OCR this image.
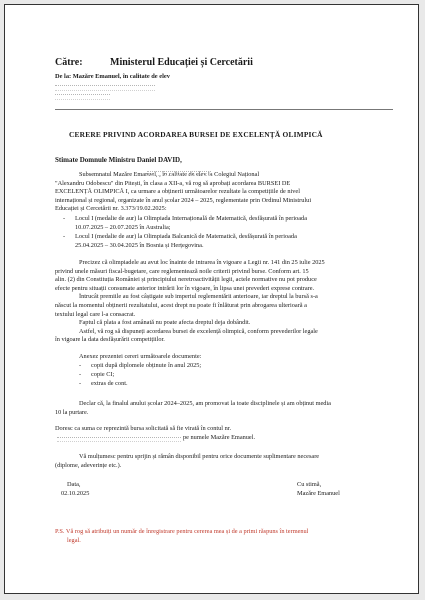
Către:	Ministerul Educației și Cercetării
De la: Mazăre Emanuel, în calitate de elev
CERERE PRIVIND ACORDAREA BURSEI DE EXCELENȚĂ OLIMPICĂ
Stimate Domnule Ministru Daniel DAVID,
Subsemnatul Mazăre Emanuel, , în calitate de elev la Colegiul Național
"Alexandru Odobescu" din Pitești, în clasa a XII-a, vă rog să aprobați acordarea BURSEI DE
EXCELENȚĂ OLIMPICĂ I, ca urmare a obținerii următoarelor rezultate la competițiile de nivel
internațional și regional, organizate în anul școlar 2024 – 2025, reglementate prin Ordinul Ministrului
Educației și Cercetării nr. 3.373/19.02.2025:
- Locul I (medalie de aur) la Olimpiada Internațională de Matematică, desfășurată în perioada
10.07.2025 – 20.07.2025 în Australia;
- Locul I (medalie de aur) la Olimpiada Balcanică de Matematică, desfășurată în perioada
25.04.2025 – 30.04.2025 în Bosnia și Herțegovina.
Precizez că olimpiadele au avut loc înainte de intrarea în vigoare a Legii nr. 141 din 25 iulie 2025
privind unele măsuri fiscal-bugetare, care reglementează noile criterii privind burse. Conform art. 15
alin. (2) din Constituția României și principiului neretroactivității legii, actele normative nu pot produce
efecte pentru situații consumate anterior intrării lor în vigoare, în lipsa unei prevederi exprese contrare.
Întrucât premiile au fost câștigate sub imperiul reglementării anterioare, iar dreptul la bursă s-a
născut la momentul obținerii rezultatului, acest drept nu poate fi înlăturat prin abrogarea ulterioară a
textului legal care l-a consacrat.
Faptul că plata a fost amânată nu poate afecta dreptul deja dobândit.
Astfel, vă rog să dispuneți acordarea bursei de excelență olimpică, conform prevederilor legale
în vigoare la data desfășurării competițiilor.
Anexez prezentei cereri următoarele documente:
- copii după diplomele obținute în anul 2025;
- copie CI;
- extras de cont.
Declar că, la finalul anului școlar 2024–2025, am promovat la toate disciplinele și am obținut media
10 la purtare.
Doresc ca suma ce reprezintă bursa solicitată să fie virată în contul nr.
pe numele Mazăre Emanuel.
Vă mulțumesc pentru sprijin și rămân disponibil pentru orice documente suplimentare necesare
(diplome, adeverințe etc.).
Data,
02.10.2025
Cu stimă,
Mazăre Emanuel
P.S. Vă rog să atribuiți un număr de înregistrare pentru cererea mea și de a primi răspuns în termenul
legal.
